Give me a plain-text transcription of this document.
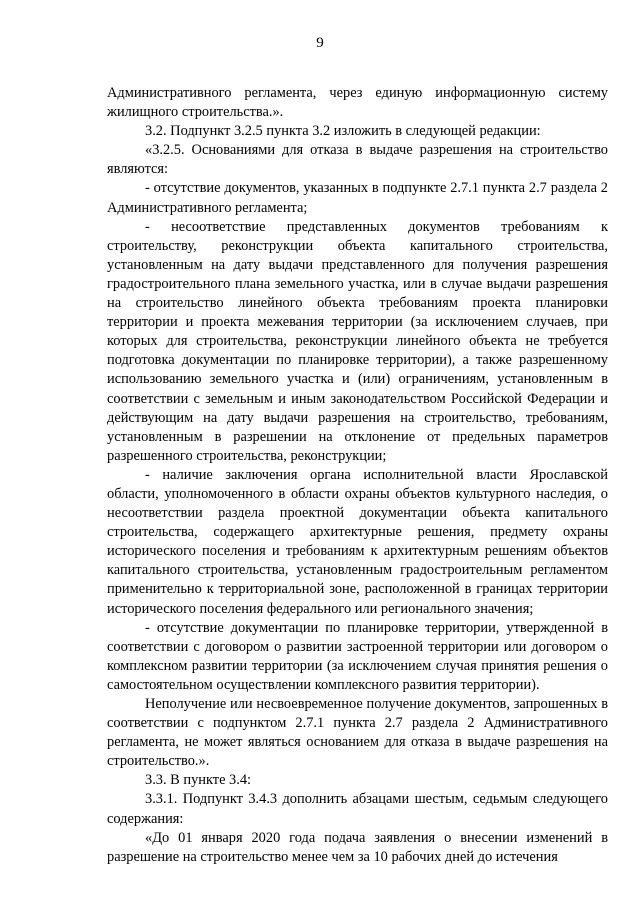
9

Административного регламента, через единую информационную систему жилищного строительства.».

3.2. Подпункт 3.2.5 пункта 3.2 изложить в следующей редакции:

«3.2.5. Основаниями для отказа в выдаче разрешения на строительство являются:

- отсутствие документов, указанных в подпункте 2.7.1 пункта 2.7 раздела 2 Административного регламента;

- несоответствие представленных документов требованиям к строительству, реконструкции объекта капитального строительства, установленным на дату выдачи представленного для получения разрешения градостроительного плана земельного участка, или в случае выдачи разрешения на строительство линейного объекта требованиям проекта планировки территории и проекта межевания территории (за исключением случаев, при которых для строительства, реконструкции линейного объекта не требуется подготовка документации по планировке территории), а также разрешенному использованию земельного участка и (или) ограничениям, установленным в соответствии с земельным и иным законодательством Российской Федерации и действующим на дату выдачи разрешения на строительство, требованиям, установленным в разрешении на отклонение от предельных параметров разрешенного строительства, реконструкции;

- наличие заключения органа исполнительной власти Ярославской области, уполномоченного в области охраны объектов культурного наследия, о несоответствии раздела проектной документации объекта капитального строительства, содержащего архитектурные решения, предмету охраны исторического поселения и требованиям к архитектурным решениям объектов капитального строительства, установленным градостроительным регламентом применительно к территориальной зоне, расположенной в границах территории исторического поселения федерального или регионального значения;

- отсутствие документации по планировке территории, утвержденной в соответствии с договором о развитии застроенной территории или договором о комплексном развитии территории (за исключением случая принятия решения о самостоятельном осуществлении комплексного развития территории).

Неполучение или несвоевременное получение документов, запрошенных в соответствии с подпунктом 2.7.1 пункта 2.7 раздела 2 Административного регламента, не может являться основанием для отказа в выдаче разрешения на строительство.».

3.3. В пункте 3.4:

3.3.1. Подпункт 3.4.3 дополнить абзацами шестым, седьмым следующего содержания:

«До 01 января 2020 года подача заявления о внесении изменений в разрешение на строительство менее чем за 10 рабочих дней до истечения
